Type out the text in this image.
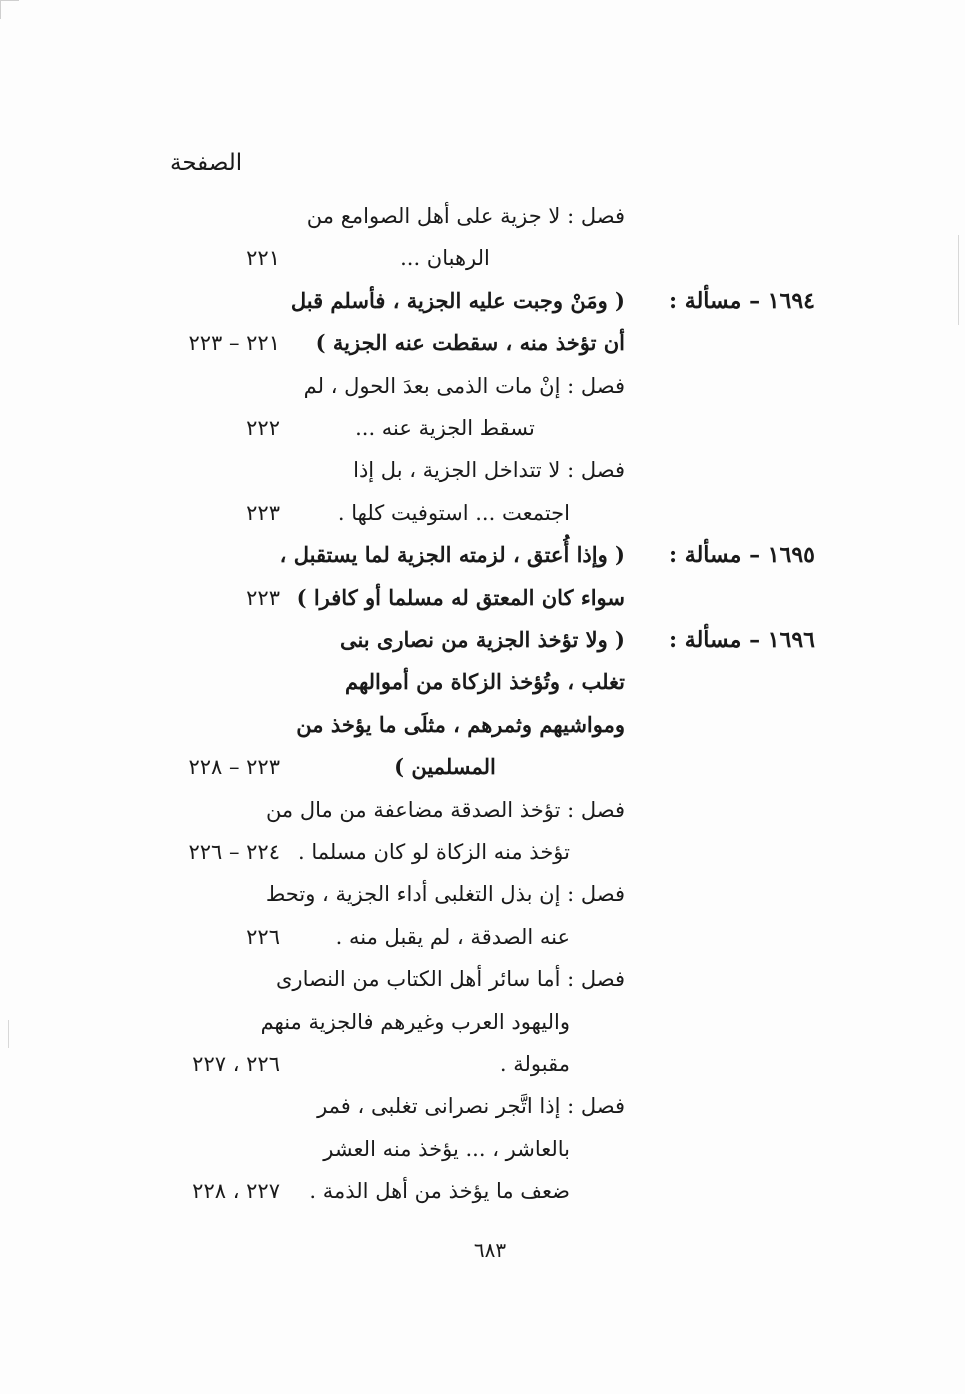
الصفحة
فصل : لا جزية على أهل الصوامع من
الرهبان ...
٢٢١
١٦٩٤ – مسألة :
( ومَنْ وجبت عليه الجزية ، فأسلم قبل
أن تؤخذ منه ، سقطت عنه الجزية )
٢٢١ – ٢٢٣
فصل : إنْ مات الذمى بعدَ الحول ، لم
تسقط الجزية عنه ...
٢٢٢
فصل : لا تتداخل الجزية ، بل إذا
اجتمعت ... استوفيت كلها .
٢٢٣
١٦٩٥ – مسألة :
( وإذا أُعتق ، لزمته الجزية لما يستقبل ،
سواء كان المعتق له مسلما أو كافرا )
٢٢٣
١٦٩٦ – مسألة :
( ولا تؤخذ الجزية من نصارى بنى
تغلب ، وتُؤخذ الزكاة من أموالهم
ومواشيهم وثمرهم ، مثلَى ما يؤخذ من
المسلمين )
٢٢٣ – ٢٢٨
فصل : تؤخذ الصدقة مضاعفة من مال من
تؤخذ منه الزكاة لو كان مسلما .
٢٢٤ – ٢٢٦
فصل : إن بذل التغلبى أداء الجزية ، وتحط
عنه الصدقة ، لم يقبل منه .
٢٢٦
فصل : أما سائر أهل الكتاب من النصارى
واليهود العرب وغيرهم فالجزية منهم
مقبولة .
٢٢٦ ، ٢٢٧
فصل : إذا اتَّجر نصرانى تغلبى ، فمر
بالعاشر ، ... يؤخذ منه العشر
ضعف ما يؤخذ من أهل الذمة .
٢٢٧ ، ٢٢٨
٦٨٣
